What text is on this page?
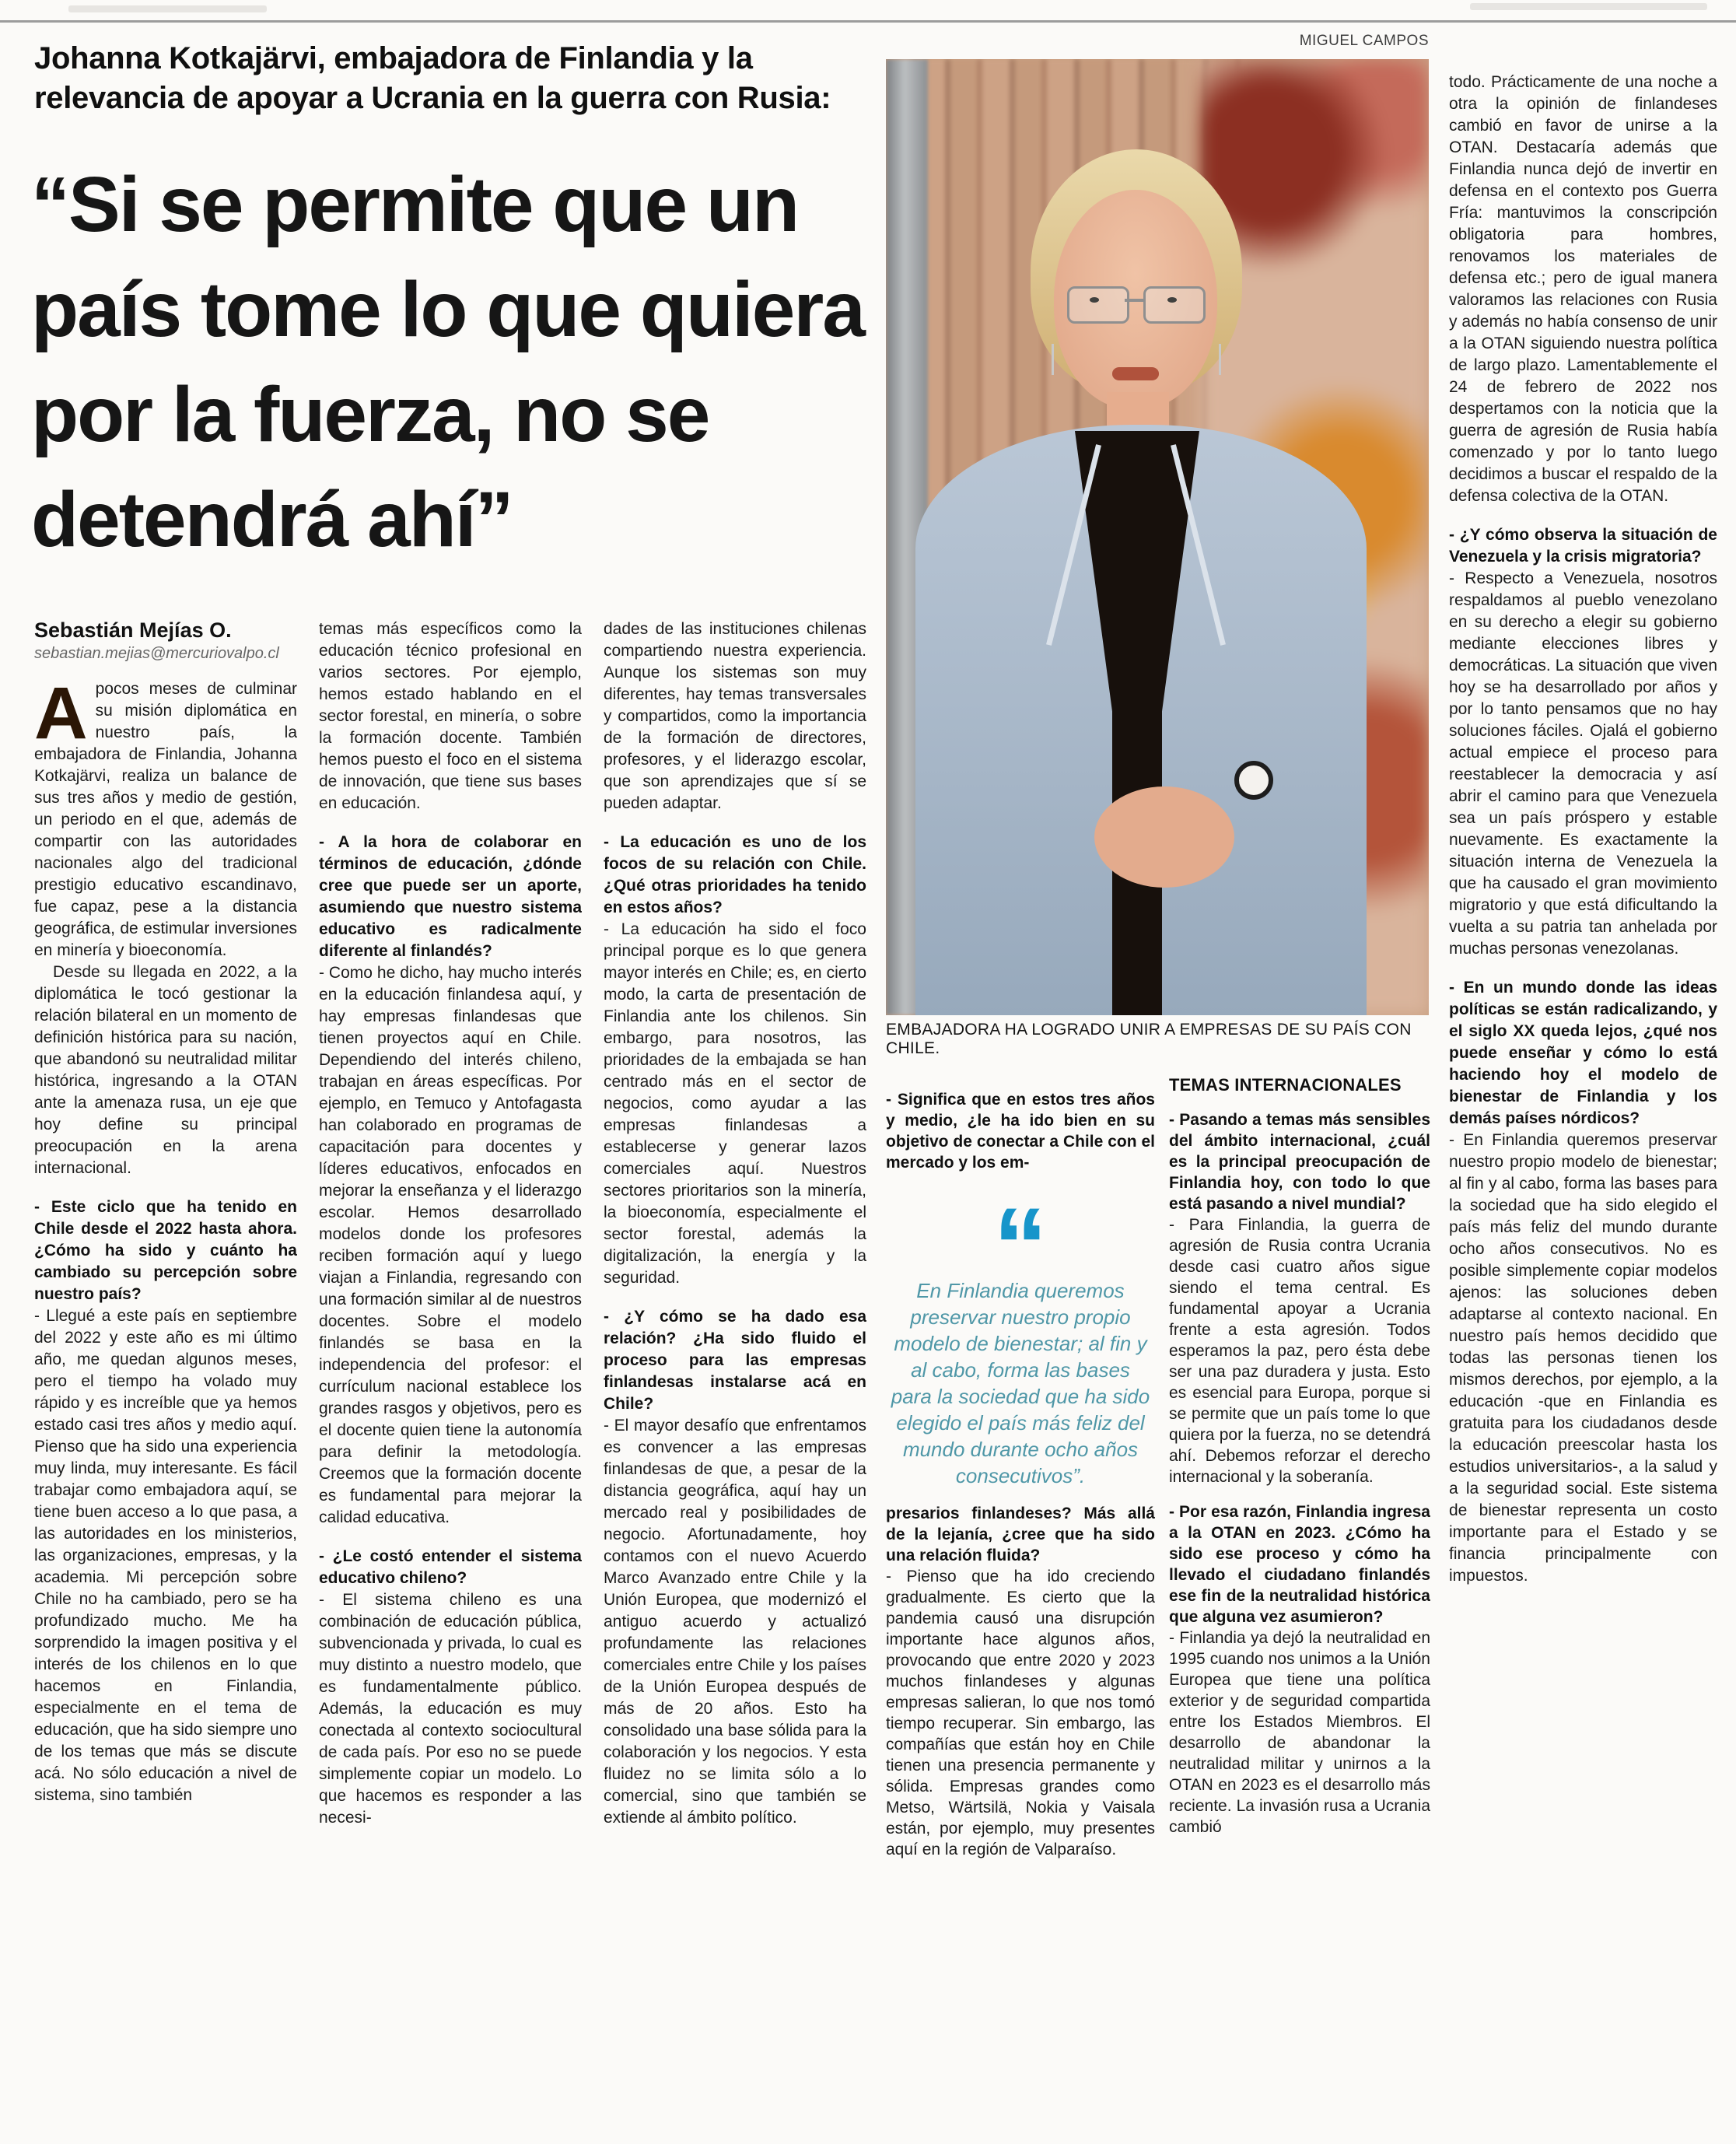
Johanna Kotkajärvi, embajadora de Finlandia y la relevancia de apoyar a Ucrania en la guerra con Rusia:
“Si se permite que un país tome lo que quiera por la fuerza, no se detendrá ahí”
MIGUEL CAMPOS
EMBAJADORA HA LOGRADO UNIR A EMPRESAS DE SU PAÍS CON CHILE.

Sebastián Mejías O.

sebastian.mejias@mercuriovalpo.cl

Apocos meses de culminar su misión diplomática en nuestro país, la embajadora de Finlandia, Johanna Kotkajärvi, realiza un balance de sus tres años y medio de gestión, un periodo en el que, además de compartir con las autoridades nacionales algo del tradicional prestigio educativo escandinavo, fue capaz, pese a la distancia geográfica, de estimular inversiones en minería y bioeconomía.

Desde su llegada en 2022, a la diplomática le tocó gestionar la relación bilateral en un momento de definición histórica para su nación, que abandonó su neutralidad militar histórica, ingresando a la OTAN ante la amenaza rusa, un eje que hoy define su principal preocupación en la arena internacional.

- Este ciclo que ha tenido en Chile desde el 2022 hasta ahora. ¿Cómo ha sido y cuánto ha cambiado su percepción sobre nuestro país?

- Llegué a este país en septiembre del 2022 y este año es mi último año, me quedan algunos meses, pero el tiempo ha volado muy rápido y es increíble que ya hemos estado casi tres años y medio aquí. Pienso que ha sido una experiencia muy linda, muy interesante. Es fácil trabajar como embajadora aquí, se tiene buen acceso a lo que pasa, a las autoridades en los ministerios, las organizaciones, empresas, y la academia. Mi percepción sobre Chile no ha cambiado, pero se ha profundizado mucho. Me ha sorprendido la imagen positiva y el interés de los chilenos en lo que hacemos en Finlandia, especialmente en el tema de educación, que ha sido siempre uno de los temas que más se discute acá. No sólo educación a nivel de sistema, sino también

temas más específicos como la educación técnico profesional en varios sectores. Por ejemplo, hemos estado hablando en el sector forestal, en minería, o sobre la formación docente. También hemos puesto el foco en el sistema de innovación, que tiene sus bases en educación.

- A la hora de colaborar en términos de educación, ¿dónde cree que puede ser un aporte, asumiendo que nuestro sistema educativo es radicalmente diferente al finlandés?

- Como he dicho, hay mucho interés en la educación finlandesa aquí, y hay empresas finlandesas que tienen proyectos aquí en Chile. Dependiendo del interés chileno, trabajan en áreas específicas. Por ejemplo, en Temuco y Antofagasta han colaborado en programas de capacitación para docentes y líderes educativos, enfocados en mejorar la enseñanza y el liderazgo escolar. Hemos desarrollado modelos donde los profesores reciben formación aquí y luego viajan a Finlandia, regresando con una formación similar al de nuestros docentes. Sobre el modelo finlandés se basa en la independencia del profesor: el currículum nacional establece los grandes rasgos y objetivos, pero es el docente quien tiene la autonomía para definir la metodología. Creemos que la formación docente es fundamental para mejorar la calidad educativa.

- ¿Le costó entender el sistema educativo chileno?

- El sistema chileno es una combinación de educación pública, subvencionada y privada, lo cual es muy distinto a nuestro modelo, que es fundamentalmente público. Además, la educación es muy conectada al contexto sociocultural de cada país. Por eso no se puede simplemente copiar un modelo. Lo que hacemos es responder a las necesi-

dades de las instituciones chilenas compartiendo nuestra experiencia. Aunque los sistemas son muy diferentes, hay temas transversales y compartidos, como la importancia de la formación de directores, profesores, y el liderazgo escolar, que son aprendizajes que sí se pueden adaptar.

- La educación es uno de los focos de su relación con Chile. ¿Qué otras prioridades ha tenido en estos años?

- La educación ha sido el foco principal porque es lo que genera mayor interés en Chile; es, en cierto modo, la carta de presentación de Finlandia ante los chilenos. Sin embargo, para nosotros, las prioridades de la embajada se han centrado más en el sector de negocios, como ayudar a las empresas finlandesas a establecerse y generar lazos comerciales aquí. Nuestros sectores prioritarios son la minería, la bioeconomía, especialmente el sector forestal, además la digitalización, la energía y la seguridad.

- ¿Y cómo se ha dado esa relación? ¿Ha sido fluido el proceso para las empresas finlandesas instalarse acá en Chile?

- El mayor desafío que enfrentamos es convencer a las empresas finlandesas de que, a pesar de la distancia geográfica, aquí hay un mercado real y posibilidades de negocio. Afortunadamente, hoy contamos con el nuevo Acuerdo Marco Avanzado entre Chile y la Unión Europea, que modernizó el antiguo acuerdo y actualizó profundamente las relaciones comerciales entre Chile y los países de la Unión Europea después de más de 20 años. Esto ha consolidado una base sólida para la colaboración y los negocios. Y esta fluidez no se limita sólo a lo comercial, sino que también se extiende al ámbito político.

- Significa que en estos tres años y medio, ¿le ha ido bien en su objetivo de conectar a Chile con el mercado y los em-

“
En Finlandia queremos preservar nuestro propio modelo de bienestar; al fin y al cabo, forma las bases para la sociedad que ha sido elegido el país más feliz del mundo durante ocho años consecutivos”.

presarios finlandeses? Más allá de la lejanía, ¿cree que ha sido una relación fluida?

- Pienso que ha ido creciendo gradualmente. Es cierto que la pandemia causó una disrupción importante hace algunos años, provocando que entre 2020 y 2023 muchos finlandeses y algunas empresas salieran, lo que nos tomó tiempo recuperar. Sin embargo, las compañías que están hoy en Chile tienen una presencia permanente y sólida. Empresas grandes como Metso, Wärtsilä, Nokia y Vaisala están, por ejemplo, muy presentes aquí en la región de Valparaíso.

TEMAS INTERNACIONALES

- Pasando a temas más sensibles del ámbito internacional, ¿cuál es la principal preocupación de Finlandia hoy, con todo lo que está pasando a nivel mundial?

- Para Finlandia, la guerra de agresión de Rusia contra Ucrania desde casi cuatro años sigue siendo el tema central. Es fundamental apoyar a Ucrania frente a esta agresión. Todos esperamos la paz, pero ésta debe ser una paz duradera y justa. Esto es esencial para Europa, porque si se permite que un país tome lo que quiera por la fuerza, no se detendrá ahí. Debemos reforzar el derecho internacional y la soberanía.

- Por esa razón, Finlandia ingresa a la OTAN en 2023. ¿Cómo ha sido ese proceso y cómo ha llevado el ciudadano finlandés ese fin de la neutralidad histórica que alguna vez asumieron?

- Finlandia ya dejó la neutralidad en 1995 cuando nos unimos a la Unión Europea que tiene una política exterior y de seguridad compartida entre los Estados Miembros. El desarrollo de abandonar la neutralidad militar y unirnos a la OTAN en 2023 es el desarrollo más reciente. La invasión rusa a Ucrania cambió

todo. Prácticamente de una noche a otra la opinión de finlandeses cambió en favor de unirse a la OTAN. Destacaría además que Finlandia nunca dejó de invertir en defensa en el contexto pos Guerra Fría: mantuvimos la conscripción obligatoria para hombres, renovamos los materiales de defensa etc.; pero de igual manera valoramos las relaciones con Rusia y además no había consenso de unir a la OTAN siguiendo nuestra política de largo plazo. Lamentablemente el 24 de febrero de 2022 nos despertamos con la noticia que la guerra de agresión de Rusia había comenzado y por lo tanto luego decidimos a buscar el respaldo de la defensa colectiva de la OTAN.

- ¿Y cómo observa la situación de Venezuela y la crisis migratoria?

- Respecto a Venezuela, nosotros respaldamos al pueblo venezolano en su derecho a elegir su gobierno mediante elecciones libres y democráticas. La situación que viven hoy se ha desarrollado por años y por lo tanto pensamos que no hay soluciones fáciles. Ojalá el gobierno actual empiece el proceso para reestablecer la democracia y así abrir el camino para que Venezuela sea un país próspero y estable nuevamente. Es exactamente la situación interna de Venezuela la que ha causado el gran movimiento migratorio y que está dificultando la vuelta a su patria tan anhelada por muchas personas venezolanas.

- En un mundo donde las ideas políticas se están radicalizando, y el siglo XX queda lejos, ¿qué nos puede enseñar y cómo lo está haciendo hoy el modelo de bienestar de Finlandia y los demás países nórdicos?

- En Finlandia queremos preservar nuestro propio modelo de bienestar; al fin y al cabo, forma las bases para la sociedad que ha sido elegido el país más feliz del mundo durante ocho años consecutivos. No es posible simplemente copiar modelos ajenos: las soluciones deben adaptarse al contexto nacional. En nuestro país hemos decidido que todas las personas tienen los mismos derechos, por ejemplo, a la educación -que en Finlandia es gratuita para los ciudadanos desde la educación preescolar hasta los estudios universitarios-, a la salud y a la seguridad social. Este sistema de bienestar representa un costo importante para el Estado y se financia principalmente con impuestos.
